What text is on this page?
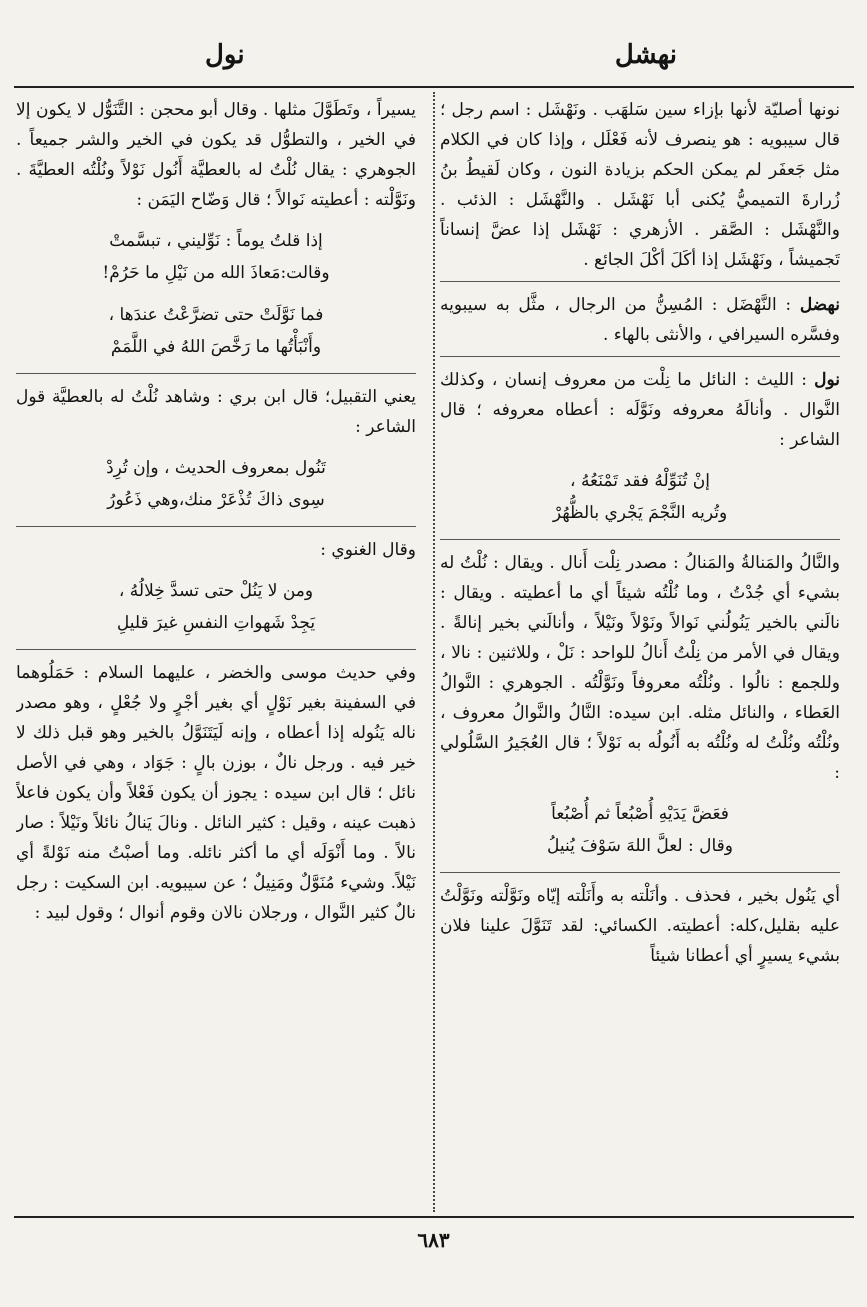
نهشل
نول

نونها أصليّة لأنها بإزاء سين سَلهَب . ونَهْشَل : اسم رجل ؛ قال سيبويه : هو ينصرف لأنه فَعْلَل ، وإذا كان في الكلام مثل جَعفَر لم يمكن الحكم بزيادة النون ، وكان لَقيطُ بنُ زُرارةَ التميميُّ يُكنى أبا نَهْشَل . والنَّهْشَل : الذئب . والنَّهْشَل : الصَّقر . الأزهري : نَهْشَل إذا عضَّ إنساناً تَجميشاً ، ونَهْشَل إذا أكَلَ أكْلَ الجائع .

نهضل : النَّهْضَل : المُسِنُّ من الرجال ، مثَّل به سيبويه وفسَّره السيرافي ، والأنثى بالهاء .

نول : الليث : النائل ما نِلْت من معروف إنسان ، وكذلك النَّوال . وأنالَهُ معروفه ونَوَّلَه : أعطاه معروفه ؛ قال الشاعر :

إنْ تُنَوِّلْهُ فقد تَمْنَعُهُ ،
وتُريه النَّجْمَ يَجْري بالظُّهُرْ

والنَّالُ والمَنالةُ والمَنالُ : مصدر نِلْت أَنال . ويقال : نُلْتُ له بشيء أي جُدْتُ ، وما نُلْتُه شيئاً أي ما أعطيته . ويقال : نالَني بالخير يَنُولُني نَوالاً ونَوْلاً ونَيْلاً ، وأنالَني بخير إنالةً . ويقال في الأمر من نِلْتُ أَنالُ للواحد : نَلْ ، وللاثنين : نالا ، وللجمع : نالُوا . ونُلْتُه معروفاً ونَوَّلْتُه . الجوهري : النَّوالُ العَطاء ، والنائل مثله. ابن سيده: النَّالُ والنَّوالُ معروف ، ونُلْتُه ونُلْتُ له ونُلْتُه به أَنُولُه به نَوْلاً ؛ قال العُجَيرُ السَّلُولي :

فعَضَّ يَدَيْهِ أُصْبُعاً ثم أُصْبُعاً
وقال : لعلَّ اللهَ سَوْفَ يُنيلُ

أي يَنُول بخير ، فحذف . وأنَلْته به وأَنَلْته إيّاه ونَوَّلْته ونَوَّلْتُ عليه بقليل،كله: أعطيته. الكسائي: لقد تَنَوَّلَ علينا فلان بشيء يسيرٍ أي أعطانا شيئاً

يسيراً ، وتَطَوَّلَ مثلها . وقال أبو محجن : التَّنَوُّل لا يكون إلا في الخير ، والتطوُّل قد يكون في الخير والشر جميعاً . الجوهري : يقال نُلْتُ له بالعطيَّة أَنُول نَوْلاً ونُلْتُه العطيَّةَ . ونَوَّلْته : أعطيته نَوالاً ؛ قال وَضّاح اليَمَن :

إذا قلتُ يوماً : نَوِّليني ، تبسَّمتْ
وقالت:مَعاذَ الله من نَيْلِ ما حَرُمْ!
فما نَوَّلَتْ حتى تضرَّعْتُ عندَها ،
وأَنْبَأْتُها ما رَخَّصَ اللهُ في اللَّمَمْ

يعني التقبيل؛ قال ابن بري : وشاهد نُلْتُ له بالعطيَّة قول الشاعر :

تَنُول بمعروف الحديث ، وإن تُرِدْ
سِوى ذاكَ تُذْعَرْ منك،وهي ذَعُورُ

وقال الغنوي :

ومن لا يَنُلْ حتى تسدَّ خِلالُهُ ،
يَجِدْ شَهواتِ النفسِ غيرَ قليلِ

وفي حديث موسى والخضر ، عليهما السلام : حَمَلُوهما في السفينة بغير نَوْلٍ أي بغير أجْرٍ ولا جُعْلٍ ، وهو مصدر ناله يَنُوله إذا أعطاه ، وإنه لَيَتَنَوَّلُ بالخير وهو قبل ذلك لا خير فيه . ورجل نالٌ ، بوزن بالٍ : جَوَاد ، وهي في الأصل نائل ؛ قال ابن سيده : يجوز أن يكون فَعْلاً وأن يكون فاعلاً ذهبت عينه ، وقيل : كثير النائل . ونالَ يَنالُ نائلاً ونَيْلاً : صار نالاً . وما أَنْوَلَه أي ما أكثر نائله. وما أصبْتُ منه نَوْلةً أي نَيْلاً. وشيء مُنَوَّلٌ ومَنِيلٌ ؛ عن سيبويه. ابن السكيت : رجل نالٌ كثير النَّوال ، ورجلان نالان وقوم أنوال ؛ وقول لبيد :

٦٨٣
